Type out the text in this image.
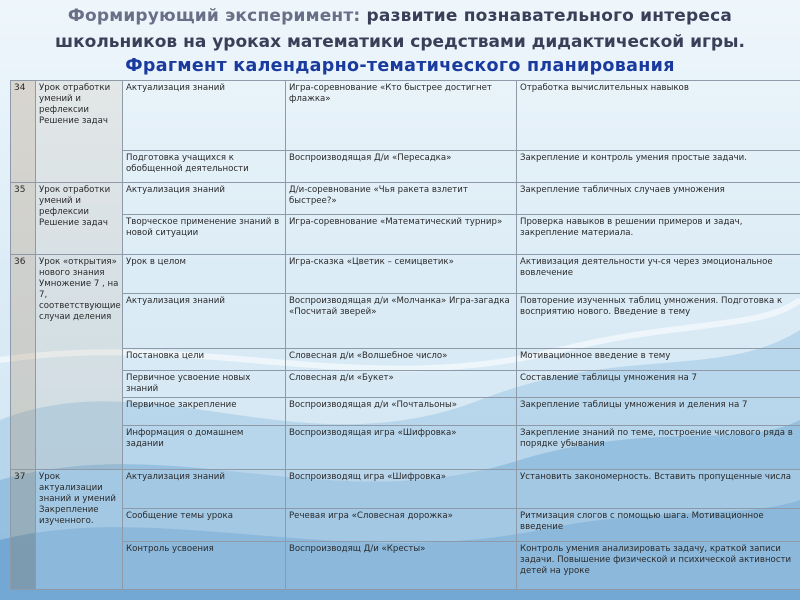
Формирующий эксперимент: развитие познавательного интереса
школьников на уроках математики средствами дидактической игры.
Фрагмент календарно-тематического планирования
34	Урок отработки умений и рефлексии Решение задач	Актуализация знаний	Игра-соревнование «Кто быстрее достигнет флажка»	Отработка вычислительных навыков
		Подготовка учащихся к обобщенной деятельности	Воспроизводящая Д/и «Пересадка»	Закрепление и контроль умения простые задачи.
35	Урок отработки умений и рефлексии Решение задач	Актуализация знаний	Д/и-соревнование «Чья ракета взлетит быстрее?»	Закрепление табличных случаев умножения
		Творческое применение знаний в новой ситуации	Игра-соревнование «Математический турнир»	Проверка навыков в решении примеров и задач, закрепление материала.
36	Урок «открытия» нового знания Умножение 7 , на 7, соответствующие случаи деления	Урок в целом	Игра-сказка «Цветик – семицветик»	Активизация деятельности уч-ся через эмоциональное вовлечение
		Актуализация знаний	Воспроизводящая д/и «Молчанка» Игра-загадка «Посчитай зверей»	Повторение изученных таблиц умножения. Подготовка к восприятию нового. Введение в тему
		Постановка цели	Словесная д/и «Волшебное число»	Мотивационное введение в тему
		Первичное усвоение новых знаний	Словесная д/и «Букет»	Составление таблицы умножения на 7
		Первичное закрепление	Воспроизводящая д/и «Почтальоны»	Закрепление таблицы умножения и деления на 7
		Информация о домашнем задании	Воспроизводящая игра «Шифровка»	Закрепление знаний по теме, построение числового ряда в порядке убывания
37	Урок актуализации знаний и умений Закрепление изученного.	Актуализация знаний	Воспроизводящ игра «Шифровка»	Установить закономерность. Вставить пропущенные числа
		Сообщение темы урока	Речевая игра «Словесная дорожка»	Ритмизация слогов с помощью шага. Мотивационное введение
		Контроль усвоения	Воспроизводящ Д/и «Кресты»	Контроль умения анализировать задачу, краткой записи задачи. Повышение физической и психической активности детей на уроке
